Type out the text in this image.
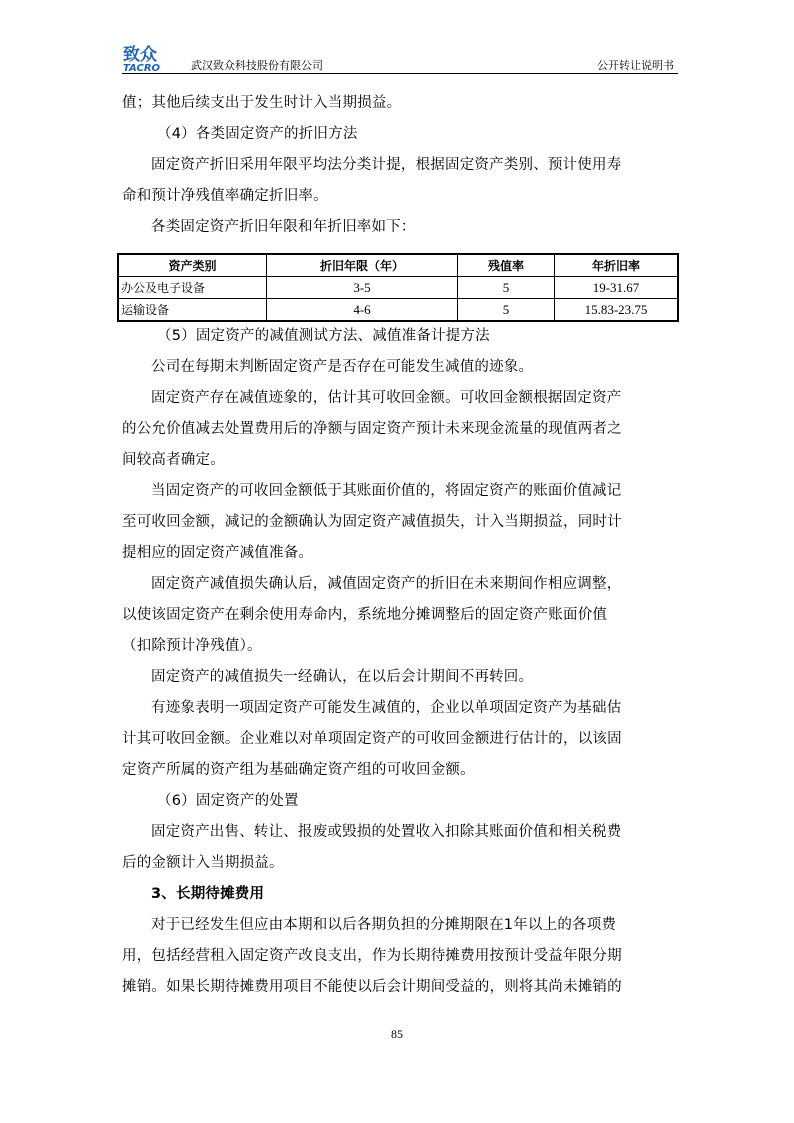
致众
TACRO	武汉致众科技股份有限公司	公开转让说明书

值；其他后续支出于发生时计入当期损益。

（4）各类固定资产的折旧方法

固定资产折旧采用年限平均法分类计提，根据固定资产类别、预计使用寿

命和预计净残值率确定折旧率。

各类固定资产折旧年限和年折旧率如下：

资产类别	折旧年限（年）	残值率	年折旧率
办公及电子设备	3-5	5	19-31.67
运输设备	4-6	5	15.83-23.75

（5）固定资产的减值测试方法、减值准备计提方法

公司在每期末判断固定资产是否存在可能发生减值的迹象。

固定资产存在减值迹象的，估计其可收回金额。可收回金额根据固定资产

的公允价值减去处置费用后的净额与固定资产预计未来现金流量的现值两者之

间较高者确定。

当固定资产的可收回金额低于其账面价值的，将固定资产的账面价值减记

至可收回金额，减记的金额确认为固定资产减值损失，计入当期损益，同时计

提相应的固定资产减值准备。

固定资产减值损失确认后，减值固定资产的折旧在未来期间作相应调整，

以使该固定资产在剩余使用寿命内，系统地分摊调整后的固定资产账面价值

（扣除预计净残值）。

固定资产的减值损失一经确认，在以后会计期间不再转回。

有迹象表明一项固定资产可能发生减值的，企业以单项固定资产为基础估

计其可收回金额。企业难以对单项固定资产的可收回金额进行估计的，以该固

定资产所属的资产组为基础确定资产组的可收回金额。

（6）固定资产的处置

固定资产出售、转让、报废或毁损的处置收入扣除其账面价值和相关税费

后的金额计入当期损益。

3、长期待摊费用

对于已经发生但应由本期和以后各期负担的分摊期限在1年以上的各项费

用，包括经营租入固定资产改良支出，作为长期待摊费用按预计受益年限分期

摊销。如果长期待摊费用项目不能使以后会计期间受益的，则将其尚未摊销的

85
